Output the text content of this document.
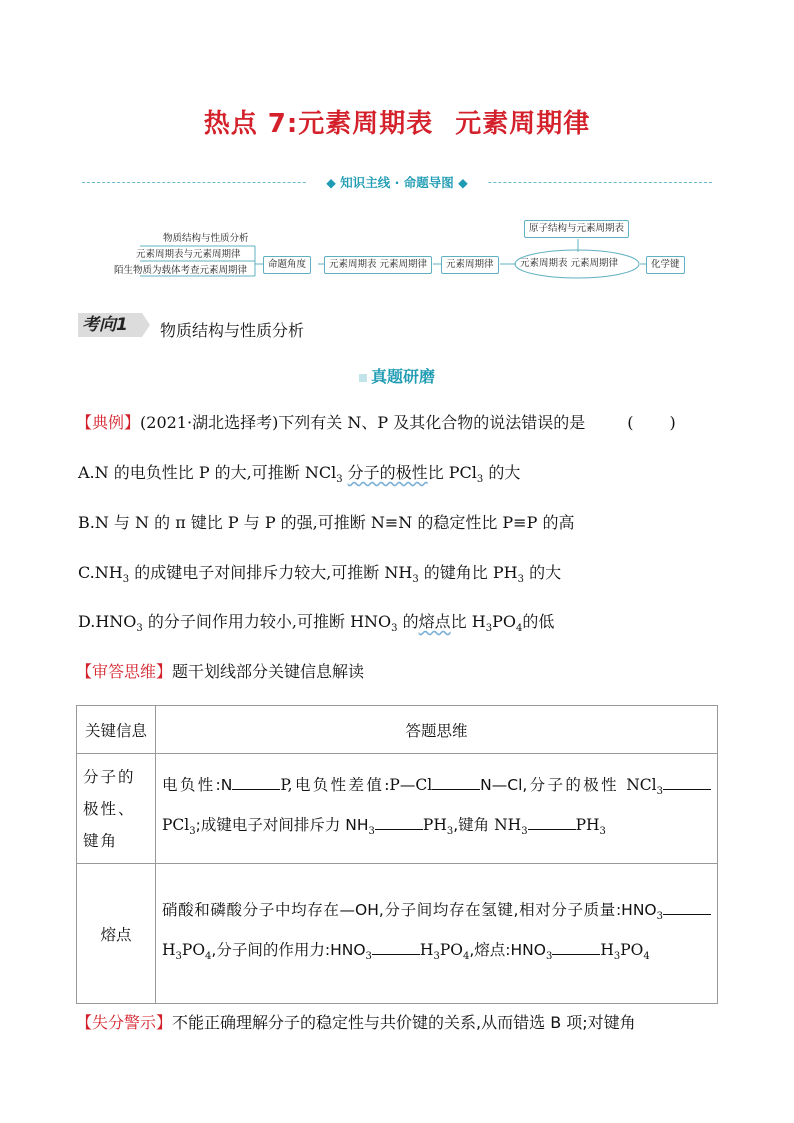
热点 7:元素周期表 元素周期律
◆ 知识主线 · 命题导图 ◆
物质结构与性质分析
元素周期表与元素周期律
陌生物质为载体考查元素周期律
命题角度	元素周期表 元素周期律	元素周期律	元素周期表 元素周期律
原子结构与元素周期表
化学键
考向1	物质结构与性质分析
真题研磨
【典例】(2021·湖北选择考)下列有关 N、P 及其化合物的说法错误的是	( )
A.N 的电负性比 P 的大,可推断 NCl$_3$ 分子的极性比 PCl$_3$ 的大
B.N 与 N 的 π 键比 P 与 P 的强,可推断 N≡N 的稳定性比 P≡P 的高
$C.NH_3$ 的成键电子对间排斥力较大,可推断 $NH_3$ 的键角比 $PH_3$ 的大
$D.HNO_3$ 的分子间作用力较小,可推断 $HNO_3$ 的熔点比 $H_3PO_4$的低
【审答思维】题干划线部分关键信息解读
关键信息	答题思维
分子的极性、键角	电负性:N P,电负性差值:P—Cl N—Cl,分子的极性 NCl$_3$PCl$_3$;成键电子对间排斥力 $NH_3$ $PH_3$,键角 $NH_3$ $PH_3$
熔点	硝酸和磷酸分子中均存在—OH,分子间均存在氢键,相对分子质量$:HNO_3H_3PO_4$,分子间的作用力$:HNO_3$ $H_3PO_4$,熔点$:HNO_3$ $H_3PO_4$
【失分警示】不能正确理解分子的稳定性与共价键的关系,从而错选 B 项;对键角
